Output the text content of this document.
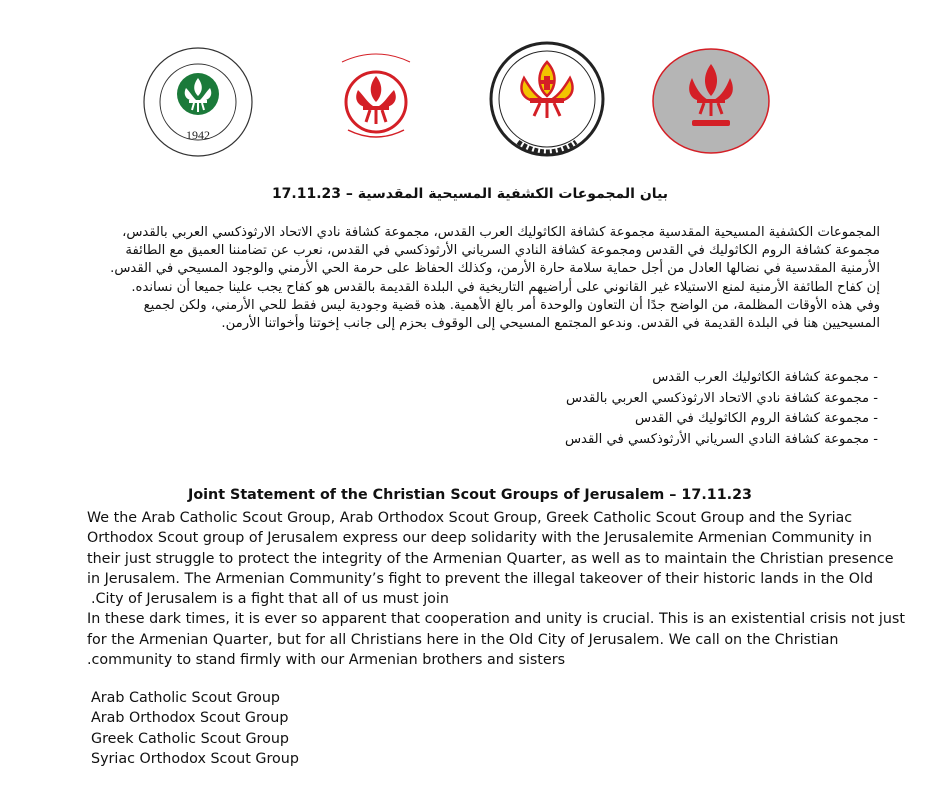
1942
بيان المجموعات الكشفية المسيحية المقدسية – 17.11.23

المجموعات الكشفية المسيحية المقدسية مجموعة كشافة الكاثوليك العرب القدس، مجموعة كشافة نادي الاتحاد الارثوذكسي العربي بالقدس،

مجموعة كشافة الروم الكاثوليك في القدس ومجموعة كشافة النادي السرياني الأرثوذكسي في القدس، نعرب عن تضامننا العميق مع الطائفة

الأرمنية المقدسية في نضالها العادل من أجل حماية سلامة حارة الأرمن، وكذلك الحفاظ على حرمة الحي الأرمني والوجود المسيحي في القدس.

إن كفاح الطائفة الأرمنية لمنع الاستيلاء غير القانوني على أراضيهم التاريخية في البلدة القديمة بالقدس هو كفاح يجب علينا جميعا أن نسانده.

وفي هذه الأوقات المظلمة، من الواضح جدًا أن التعاون والوحدة أمر بالغ الأهمية. هذه قضية وجودية ليس فقط للحي الأرمني، ولكن لجميع

المسيحيين هنا في البلدة القديمة في القدس. وندعو المجتمع المسيحي إلى الوقوف بحزم إلى جانب إخوتنا وأخواتنا الأرمن.

- مجموعة كشافة الكاثوليك العرب القدس
- مجموعة كشافة نادي الاتحاد الارثوذكسي العربي بالقدس
- مجموعة كشافة الروم الكاثوليك في القدس
- مجموعة كشافة النادي السرياني الأرثوذكسي في القدس
Joint Statement of the Christian Scout Groups of Jerusalem – 17.11.23

We the Arab Catholic Scout Group, Arab Orthodox Scout Group, Greek Catholic Scout Group and the Syriac

Orthodox Scout group of Jerusalem express our deep solidarity with the Jerusalemite Armenian Community in

their just struggle to protect the integrity of the Armenian Quarter, as well as to maintain the Christian presence

in Jerusalem. The Armenian Community’s fight to prevent the illegal takeover of their historic lands in the Old

.City of Jerusalem is a fight that all of us must join

In these dark times, it is ever so apparent that cooperation and unity is crucial. This is an existential crisis not just

for the Armenian Quarter, but for all Christians here in the Old City of Jerusalem. We call on the Christian

.community to stand firmly with our Armenian brothers and sisters

Arab Catholic Scout Group
Arab Orthodox Scout Group
Greek Catholic Scout Group
Syriac Orthodox Scout Group
